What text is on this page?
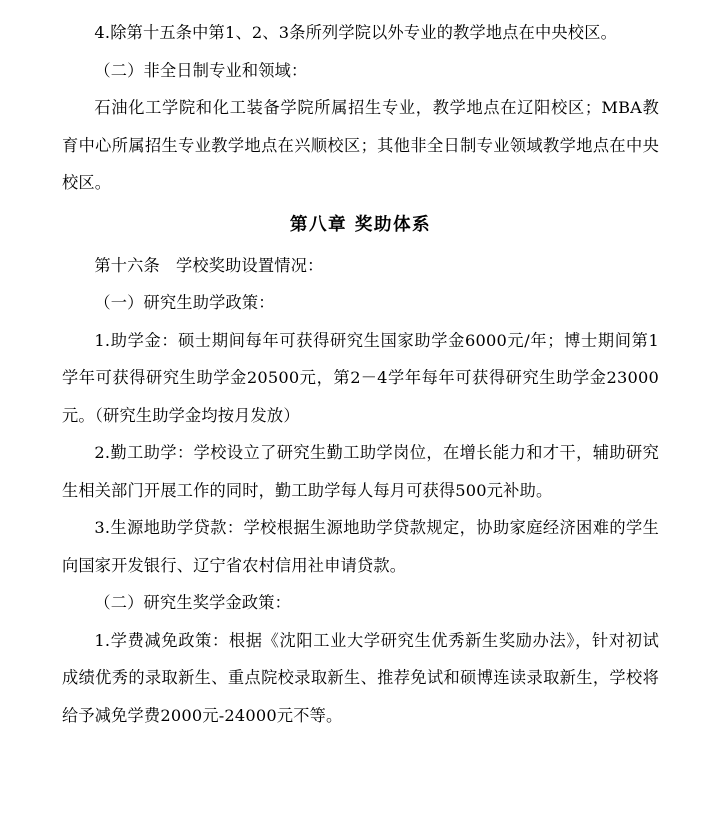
4.除第十五条中第1、2、3条所列学院以外专业的教学地点在中央校区。

（二）非全日制专业和领域：

石油化工学院和化工装备学院所属招生专业，教学地点在辽阳校区；MBA教育中心所属招生专业教学地点在兴顺校区；其他非全日制专业领域教学地点在中央校区。

第八章 奖助体系

第十六条   学校奖助设置情况：

（一）研究生助学政策：

1.助学金：硕士期间每年可获得研究生国家助学金6000元/年；博士期间第1学年可获得研究生助学金20500元，第2－4学年每年可获得研究生助学金23000元。（研究生助学金均按月发放）

2.勤工助学：学校设立了研究生勤工助学岗位，在增长能力和才干，辅助研究生相关部门开展工作的同时，勤工助学每人每月可获得500元补助。

3.生源地助学贷款：学校根据生源地助学贷款规定，协助家庭经济困难的学生向国家开发银行、辽宁省农村信用社申请贷款。

（二）研究生奖学金政策：

1.学费减免政策：根据《沈阳工业大学研究生优秀新生奖励办法》，针对初试成绩优秀的录取新生、重点院校录取新生、推荐免试和硕博连读录取新生，学校将给予减免学费2000元-24000元不等。
